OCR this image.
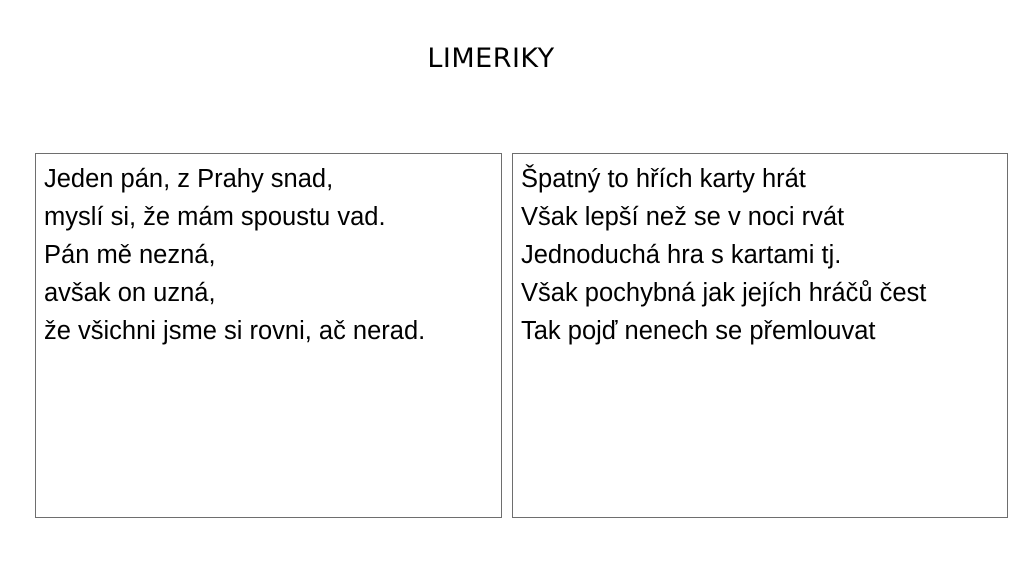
LIMERIKY
Jeden pán, z Prahy snad,
myslí si, že mám spoustu vad.
Pán mě nezná,
avšak on uzná,
že všichni jsme si rovni, ač nerad.
Špatný to hřích karty hrát
Však lepší než se v noci rvát
Jednoduchá hra s kartami tj.
Však pochybná jak jejích hráčů čest
Tak pojď nenech se přemlouvat
